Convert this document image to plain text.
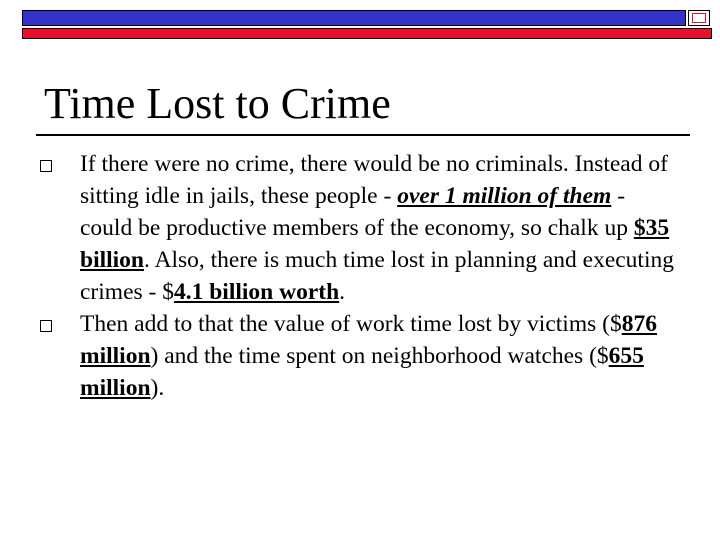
Time Lost to Crime
If there were no crime, there would be no criminals. Instead of sitting idle in jails, these people - over 1 million of them - could be productive members of the economy, so chalk up $35 billion. Also, there is much time lost in planning and executing crimes - $4.1 billion worth.
Then add to that the value of work time lost by victims ($876 million) and the time spent on neighborhood watches ($655 million).
